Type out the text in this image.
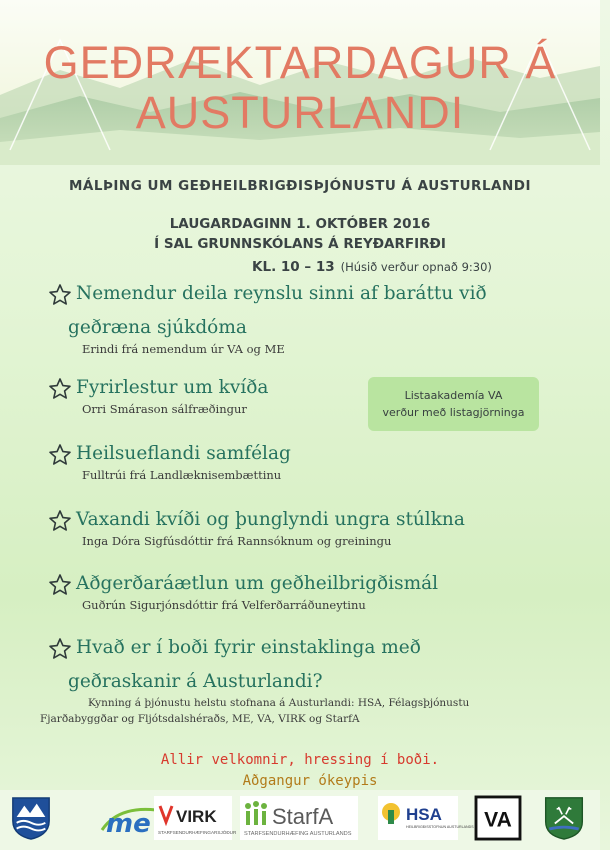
GEÐRÆKTARDAGUR Á
AUSTURLANDI
MÁLÞING UM GEÐHEILBRIGÐISÞJÓNUSTU Á AUSTURLANDI
LAUGARDAGINN 1. OKTÓBER 2016
Í SAL GRUNNSKÓLANS Á REYÐARFIRÐI
KL. 10 – 13 (Húsið verður opnað 9:30)
Nemendur deila reynslu sinni af baráttu við
geðræna sjúkdóma
Erindi frá nemendum úr VA og ME
Fyrirlestur um kvíða
Orri Smárason sálfræðingur
Heilsueflandi samfélag
Fulltrúi frá Landlæknisembættinu
Vaxandi kvíði og þunglyndi ungra stúlkna
Inga Dóra Sigfúsdóttir frá Rannsóknum og greiningu
Aðgerðaráætlun um geðheilbrigðismál
Guðrún Sigurjónsdóttir frá Velferðarráðuneytinu
Hvað er í boði fyrir einstaklinga með
geðraskanir á Austurlandi?
Kynning á þjónustu helstu stofnana á Austurlandi: HSA, Félagsþjónustu
Fjarðabyggðar og Fljótsdalshéraðs, ME, VA, VIRK og StarfA
Listaakademía VA
verður með listagjörninga
Allir velkomnir, hressing í boði.
Aðgangur ókeypis
me VIRK
STARFSENDURHÆFINGARSJÓÐUR
StarfA
STARFSENDURHÆFING AUSTURLANDS
HSA
HEILBRIGÐISSTOFNUN AUSTURLANDS VA
